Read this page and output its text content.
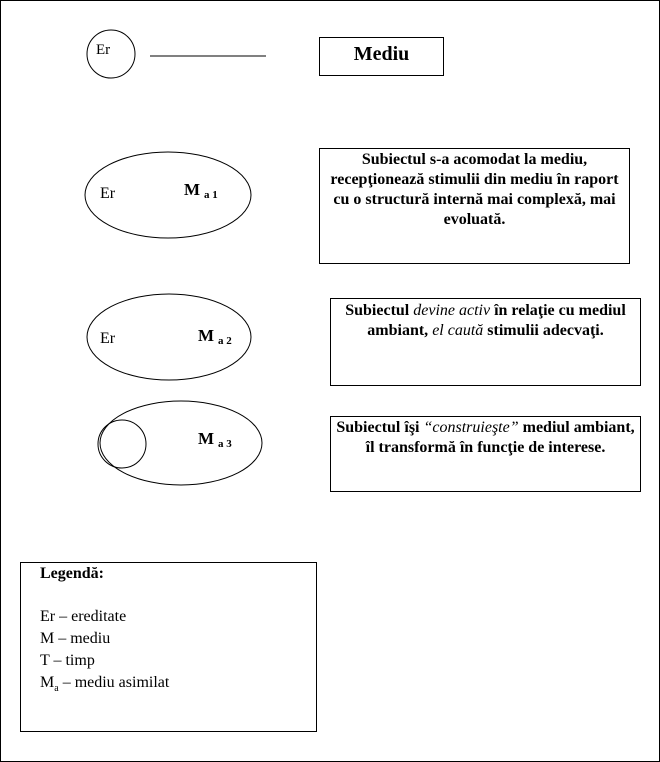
Er	Mediu
Er	M $_{a 1}$
Subiectul s-a acomodat la mediu, recepţionează stimulii din mediu în raport cu o structură internă mai complexă, mai evoluată.
Er	M $_{a 2}$
Subiectul devine activ în relaţie cu mediul ambiant, el caută stimulii adecvaţi.
M $_{a 3}$
Subiectul îşi “construieşte” mediul ambiant, îl transformă în funcţie de interese.
Legendă:
Er – ereditate
M – mediu
T – timp
$M_a$ – mediu asimilat
